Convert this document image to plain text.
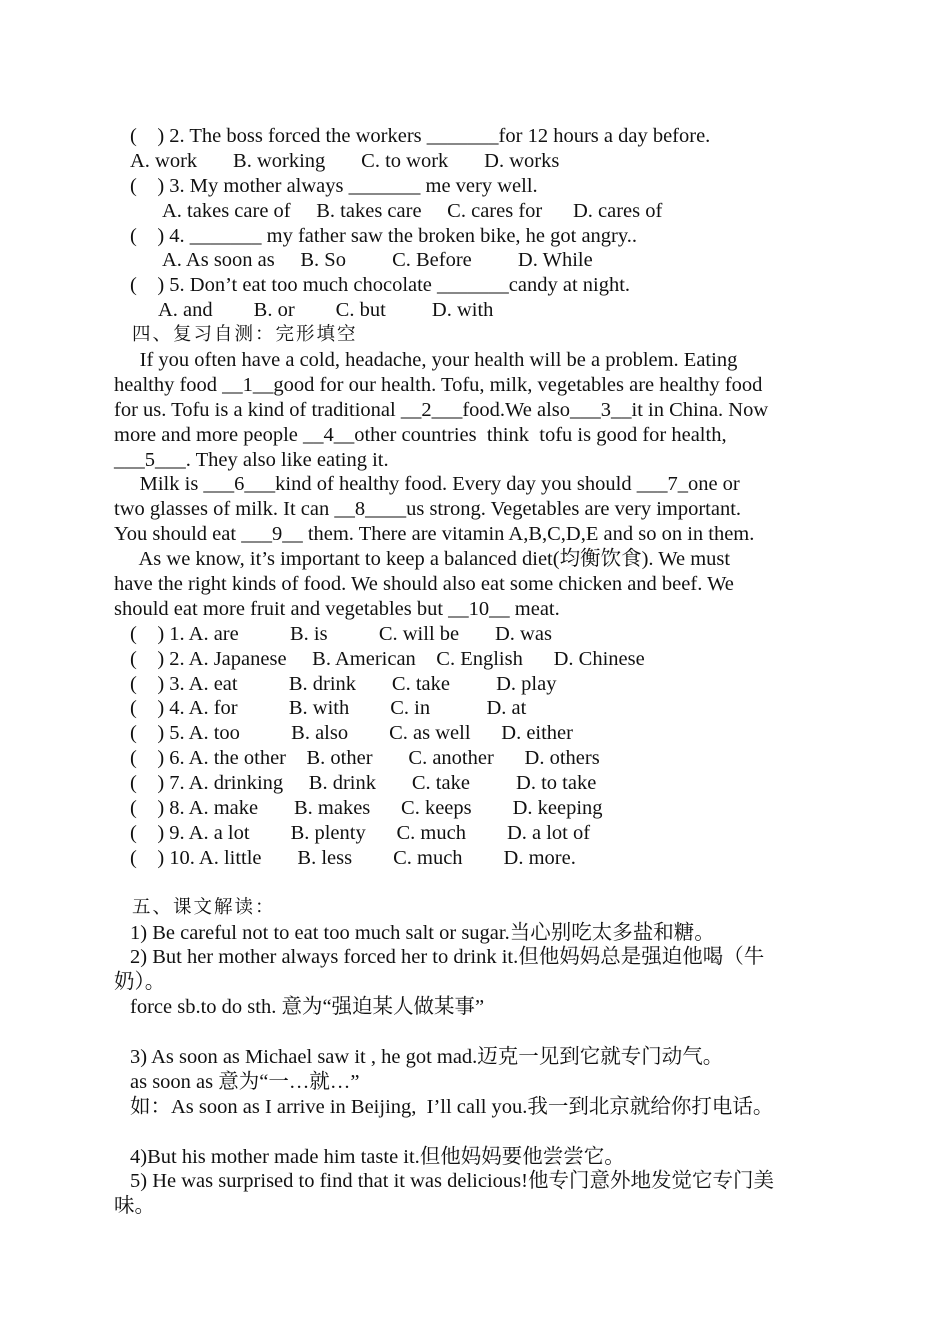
(    ) 2. The boss forced the workers _______for 12 hours a day before.
A. work       B. working       C. to work       D. works
(    ) 3. My mother always _______ me very well.
A. takes care of     B. takes care     C. cares for      D. cares of
(    ) 4. _______ my father saw the broken bike, he got angry..
A. As soon as     B. So         C. Before         D. While
(    ) 5. Don’t eat too much chocolate _______candy at night.
A. and        B. or        C. but         D. with
四、复习自测：完形填空
If you often have a cold, headache, your health will be a problem. Eating
healthy food __1__good for our health. Tofu, milk, vegetables are healthy food
for us. Tofu is a kind of traditional __2___food.We also___3__it in China. Now
more and more people __4__other countries  think  tofu is good for health,
___5___. They also like eating it.
Milk is ___6___kind of healthy food. Every day you should ___7_one or
two glasses of milk. It can __8____us strong. Vegetables are very important.
You should eat ___9__ them. There are vitamin A,B,C,D,E and so on in them.
As we know, it’s important to keep a balanced diet(均衡饮食). We must
have the right kinds of food. We should also eat some chicken and beef. We
should eat more fruit and vegetables but __10__ meat.
(    ) 1. A. are          B. is          C. will be       D. was
(    ) 2. A. Japanese     B. American    C. English      D. Chinese
(    ) 3. A. eat          B. drink       C. take         D. play
(    ) 4. A. for          B. with        C. in           D. at
(    ) 5. A. too          B. also        C. as well      D. either
(    ) 6. A. the other    B. other       C. another      D. others
(    ) 7. A. drinking     B. drink       C. take         D. to take
(    ) 8. A. make       B. makes      C. keeps        D. keeping
(    ) 9. A. a lot        B. plenty      C. much        D. a lot of
(    ) 10. A. little       B. less        C. much        D. more.
五、课文解读：
1) Be careful not to eat too much salt or sugar.当心别吃太多盐和糖。
2) But her mother always forced her to drink it.但他妈妈总是强迫他喝（牛
奶）。
force sb.to do sth. 意为“强迫某人做某事”
3) As soon as Michael saw it , he got mad.迈克一见到它就专门动气。
as soon as 意为“一…就…”
如：As soon as I arrive in Beijing,  I’ll call you.我一到北京就给你打电话。
4)But his mother made him taste it.但他妈妈要他尝尝它。
5) He was surprised to find that it was delicious!他专门意外地发觉它专门美
味。
